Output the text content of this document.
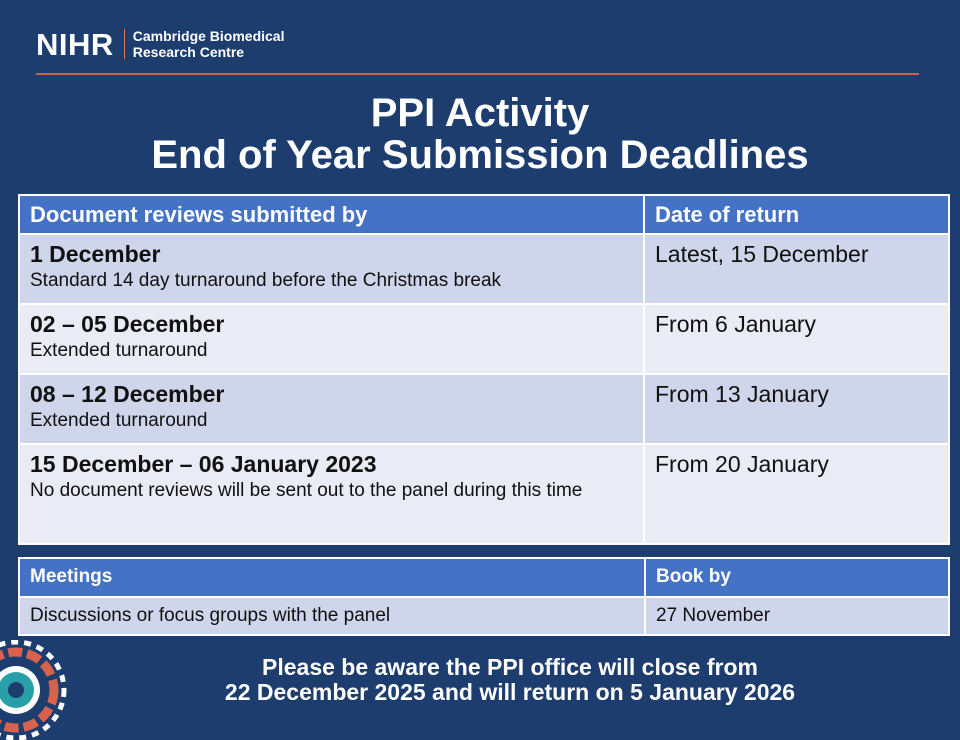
NIHR Cambridge Biomedical
Research Centre
PPI Activity
End of Year Submission Deadlines
Document reviews submitted by	Date of return

1 December
Standard 14 day turnaround before the Christmas break	Latest, 15 December

02 – 05 December
Extended turnaround	From 6 January

08 – 12 December
Extended turnaround	From 13 January

15 December – 06 January 2023
No document reviews will be sent out to the panel during this time	From 20 January
Meetings	Book by
Discussions or focus groups with the panel	27 November
Please be aware the PPI office will close from
22 December 2025 and will return on 5 January 2026
